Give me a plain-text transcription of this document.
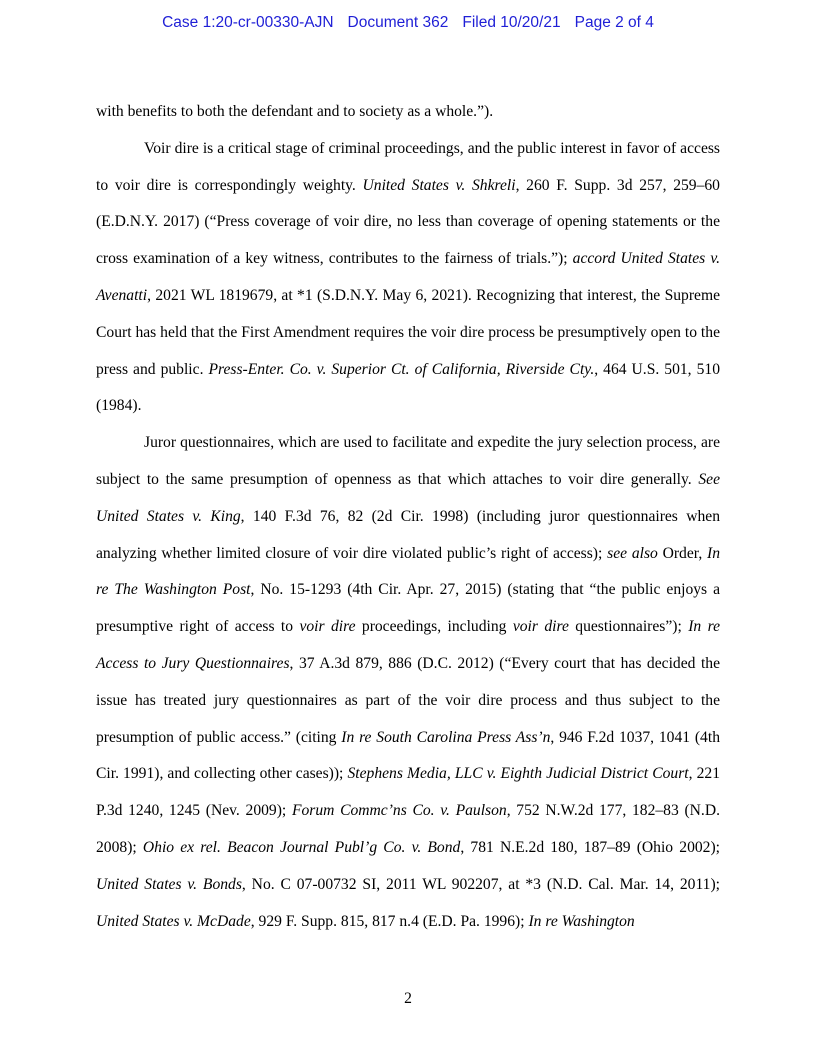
Case 1:20-cr-00330-AJN Document 362 Filed 10/20/21 Page 2 of 4

with benefits to both the defendant and to society as a whole.”).

Voir dire is a critical stage of criminal proceedings, and the public interest in favor of access to voir dire is correspondingly weighty. United States v. Shkreli, 260 F. Supp. 3d 257, 259–60 (E.D.N.Y. 2017) (“Press coverage of voir dire, no less than coverage of opening statements or the cross examination of a key witness, contributes to the fairness of trials.”); accord United States v. Avenatti, 2021 WL 1819679, at *1 (S.D.N.Y. May 6, 2021). Recognizing that interest, the Supreme Court has held that the First Amendment requires the voir dire process be presumptively open to the press and public. Press-Enter. Co. v. Superior Ct. of California, Riverside Cty., 464 U.S. 501, 510 (1984).

Juror questionnaires, which are used to facilitate and expedite the jury selection process, are subject to the same presumption of openness as that which attaches to voir dire generally. See United States v. King, 140 F.3d 76, 82 (2d Cir. 1998) (including juror questionnaires when analyzing whether limited closure of voir dire violated public’s right of access); see also Order, In re The Washington Post, No. 15-1293 (4th Cir. Apr. 27, 2015) (stating that “the public enjoys a presumptive right of access to voir dire proceedings, including voir dire questionnaires”); In re Access to Jury Questionnaires, 37 A.3d 879, 886 (D.C. 2012) (“Every court that has decided the issue has treated jury questionnaires as part of the voir dire process and thus subject to the presumption of public access.” (citing In re South Carolina Press Ass’n, 946 F.2d 1037, 1041 (4th Cir. 1991), and collecting other cases)); Stephens Media, LLC v. Eighth Judicial District Court, 221 P.3d 1240, 1245 (Nev. 2009); Forum Commc’ns Co. v. Paulson, 752 N.W.2d 177, 182–83 (N.D. 2008); Ohio ex rel. Beacon Journal Publ’g Co. v. Bond, 781 N.E.2d 180, 187–89 (Ohio 2002); United States v. Bonds, No. C 07-00732 SI, 2011 WL 902207, at *3 (N.D. Cal. Mar. 14, 2011); United States v. McDade, 929 F. Supp. 815, 817 n.4 (E.D. Pa. 1996); In re Washington

2
